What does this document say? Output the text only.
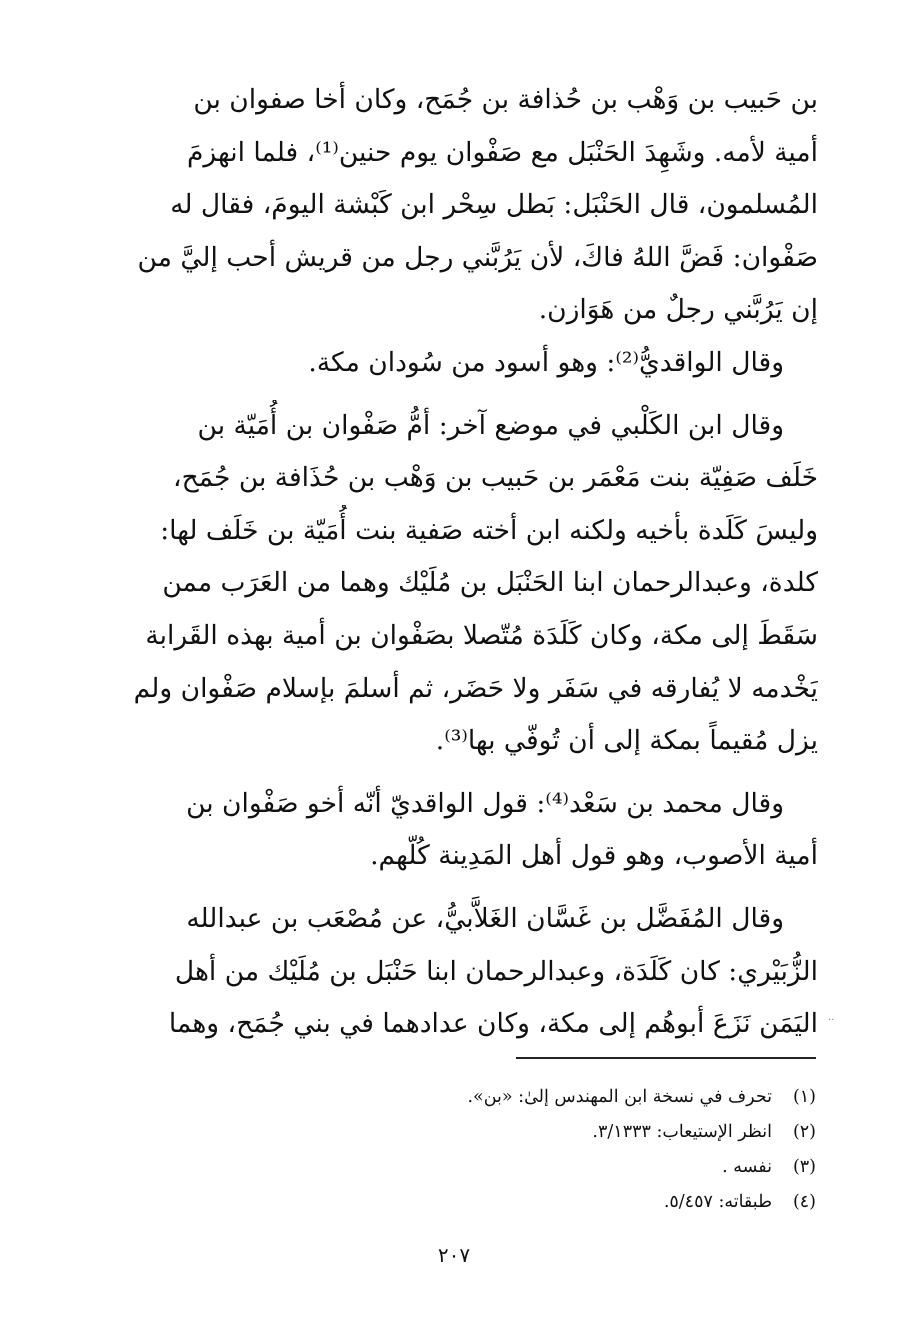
بن حَبيب بن وَهْب بن حُذافة بن جُمَح، وكان أخا صفوان بن
أمية لأمه. وشَهِدَ الحَنْبَل مع صَفْوان يوم حنين⁽¹⁾، فلما انهزمَ
المُسلمون، قال الحَنْبَل: بَطل سِحْر ابن كَبْشة اليومَ، فقال له
صَفْوان: فَضَّ اللهُ فاكَ، لأن يَرُبَّني رجل من قريش أحب إليَّ من
إن يَرُبَّني رجلٌ من هَوَازن.

وقال الواقديُّ⁽²⁾: وهو أسود من سُودان مكة.

وقال ابن الكَلْبي في موضع آخر: أمُّ صَفْوان بن أُمَيّة بن
خَلَف صَفِيّة بنت مَعْمَر بن حَبيب بن وَهْب بن حُذَافة بن جُمَح،
وليسَ كَلَدة بأخيه ولكنه ابن أخته صَفية بنت أُمَيّة بن خَلَف لها:
كلدة، وعبدالرحمان ابنا الحَنْبَل بن مُلَيْك وهما من العَرَب ممن
سَقَطَ إلى مكة، وكان كَلَدَة مُتّصلا بصَفْوان بن أمية بهذه القَرابة
يَخْدمه لا يُفارقه في سَفَر ولا حَضَر، ثم أسلمَ بإسلام صَفْوان ولم
يزل مُقيماً بمكة إلى أن تُوفّي بها⁽³⁾.

وقال محمد بن سَعْد⁽⁴⁾: قول الواقديّ أنّه أخو صَفْوان بن
أمية الأصوب، وهو قول أهل المَدِينة كُلّهم.

وقال المُفَضَّل بن غَسَّان الغَلاَّبيُّ، عن مُصْعَب بن عبدالله
الزُّبَيْري: كان كَلَدَة، وعبدالرحمان ابنا حَنْبَل بن مُلَيْك من أهل
اليَمَن نَزَعَ أبوهُم إلى مكة، وكان عدادهما في بني جُمَح، وهما ··
(١)
تحرف في نسخة ابن المهندس إلىٰ: «بن».
(٢)
انظر الإستيعاب: ٣/١٣٣٣.
(٣)
نفسه .
(٤)
طبقاته: ٥/٤٥٧.
٢٠٧
